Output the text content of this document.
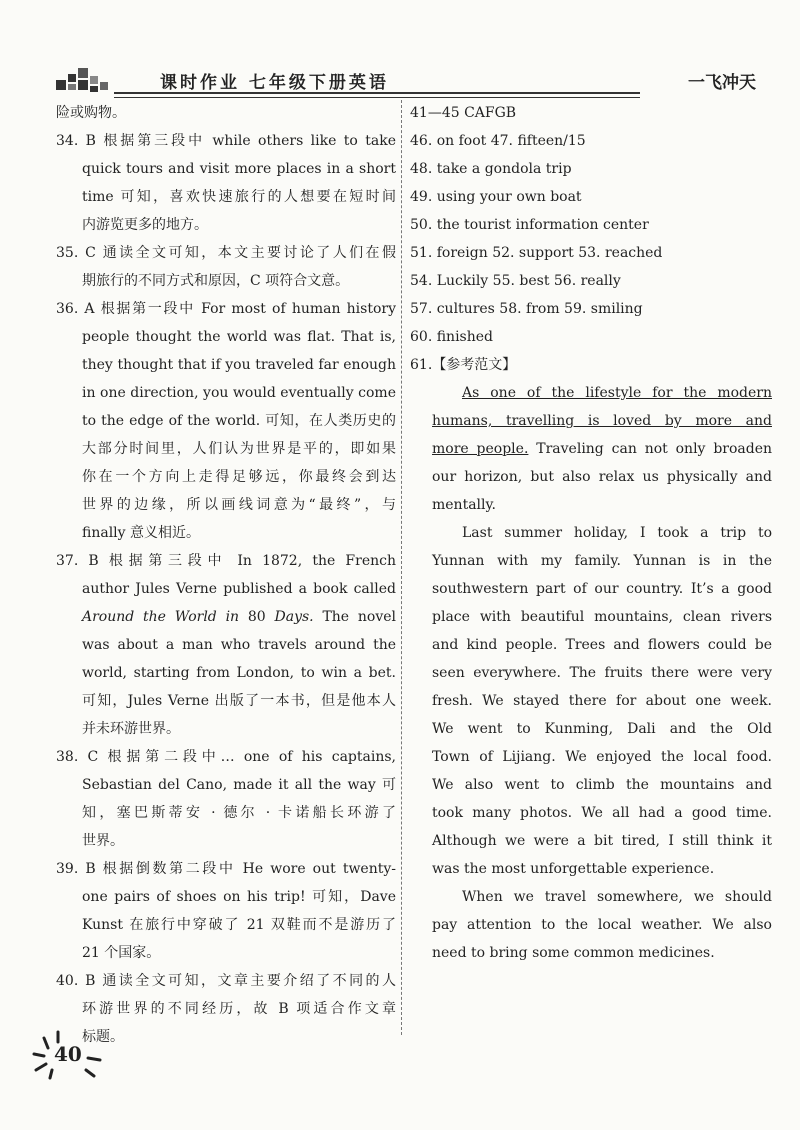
课时作业 七年级下册英语	一飞冲天
险或购物。
34. B 根据第三段中 while others like to take
quick tours and visit more places in a short
time 可知，喜欢快速旅行的人想要在短时间
内游览更多的地方。
35. C 通读全文可知，本文主要讨论了人们在假
期旅行的不同方式和原因，C 项符合文意。
36. A 根据第一段中 For most of human history
people thought the world was flat. That is,
they thought that if you traveled far enough
in one direction, you would eventually come
to the edge of the world. 可知，在人类历史的
大部分时间里，人们认为世界是平的，即如果
你在一个方向上走得足够远，你最终会到达
世界的边缘，所以画线词意为“最终”，与
finally 意义相近。
37. B 根据第三段中 In 1872, the French
author Jules Verne published a book called
Around the World in 80 Days. The novel
was about a man who travels around the
world, starting from London, to win a bet.
可知，Jules Verne 出版了一本书，但是他本人
并未环游世界。
38. C 根据第二段中… one of his captains,
Sebastian del Cano, made it all the way 可
知，塞巴斯蒂安 · 德尔 · 卡诺船长环游了
世界。
39. B 根据倒数第二段中 He wore out twenty-
one pairs of shoes on his trip! 可知，Dave
Kunst 在旅行中穿破了 21 双鞋而不是游历了
21 个国家。
40. B 通读全文可知，文章主要介绍了不同的人
环游世界的不同经历，故 B 项适合作文章
标题。
41—45 CAFGB
46. on foot 47. fifteen/15
48. take a gondola trip
49. using your own boat
50. the tourist information center
51. foreign 52. support 53. reached
54. Luckily 55. best 56. really
57. cultures 58. from 59. smiling
60. finished
61.【参考范文】
As one of the lifestyle for the modern
humans, travelling is loved by more and
more people. Traveling can not only broaden
our horizon, but also relax us physically and
mentally.
Last summer holiday, I took a trip to
Yunnan with my family. Yunnan is in the
southwestern part of our country. It’s a good
place with beautiful mountains, clean rivers
and kind people. Trees and flowers could be
seen everywhere. The fruits there were very
fresh. We stayed there for about one week.
We went to Kunming, Dali and the Old
Town of Lijiang. We enjoyed the local food.
We also went to climb the mountains and
took many photos. We all had a good time.
Although we were a bit tired, I still think it
was the most unforgettable experience.
When we travel somewhere, we should
pay attention to the local weather. We also
need to bring some common medicines.
40
